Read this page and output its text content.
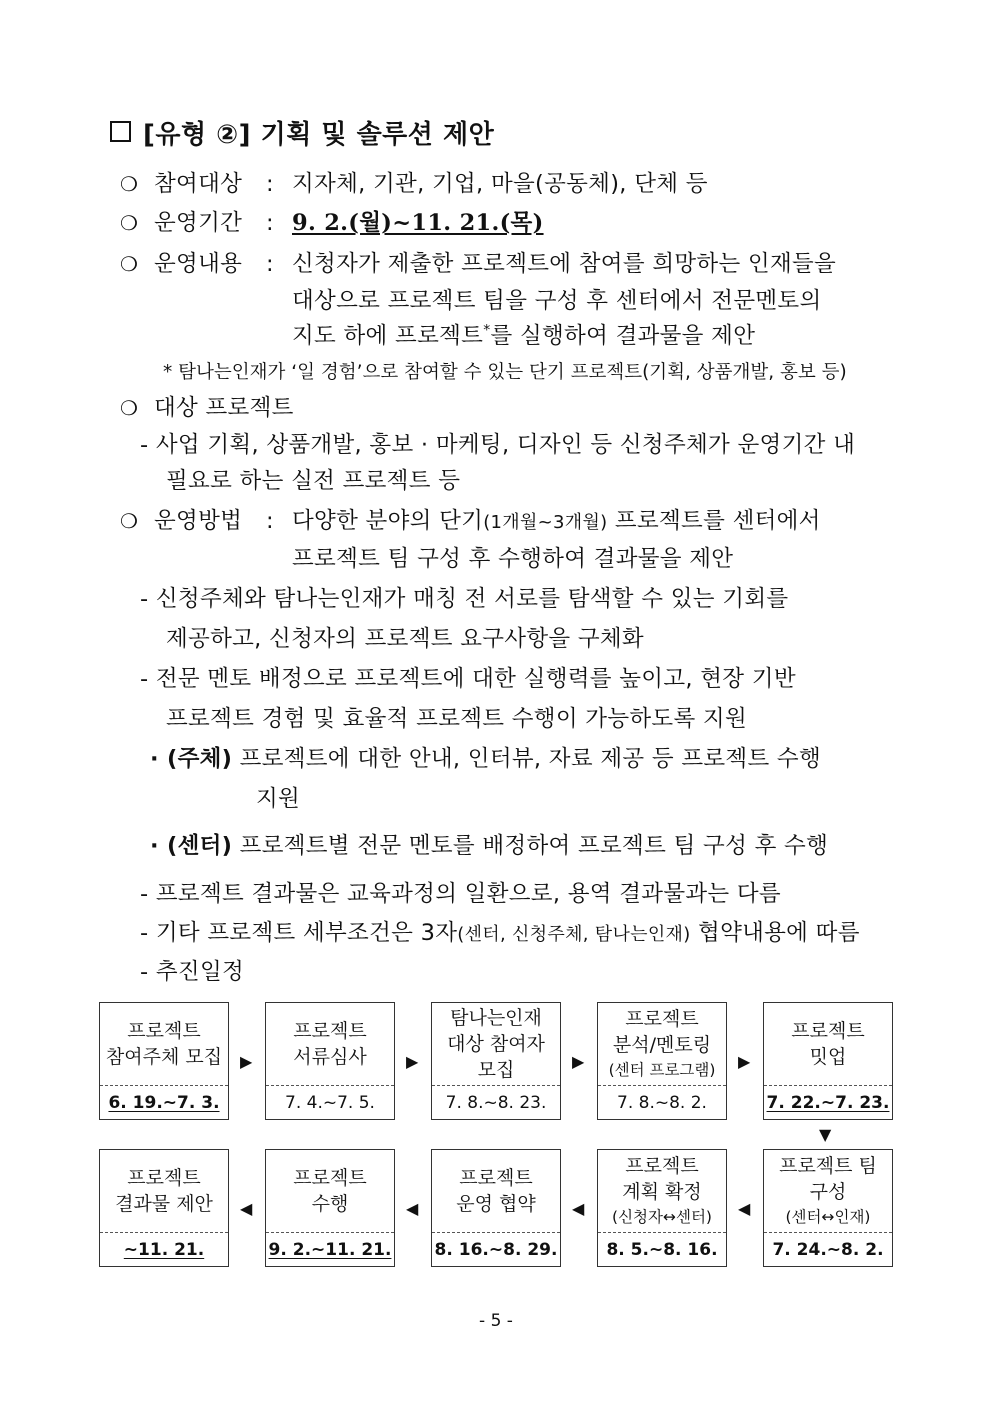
[유형 ②] 기획 및 솔루션 제안
❍ 참여대상 : 지자체, 기관, 기업, 마을(공동체), 단체 등
❍ 운영기간 : 9. 2.(월)~11. 21.(목)
❍ 운영내용 : 신청자가 제출한 프로젝트에 참여를 희망하는 인재들을
대상으로 프로젝트 팀을 구성 후 센터에서 전문멘토의
지도 하에 프로젝트*를 실행하여 결과물을 제안
* 탐나는인재가 ‘일 경험’으로 참여할 수 있는 단기 프로젝트(기획, 상품개발, 홍보 등)
❍ 대상 프로젝트
- 사업 기획, 상품개발, 홍보 · 마케팅, 디자인 등 신청주체가 운영기간 내
필요로 하는 실전 프로젝트 등
❍ 운영방법 : 다양한 분야의 단기(1개월~3개월) 프로젝트를 센터에서
프로젝트 팀 구성 후 수행하여 결과물을 제안
- 신청주체와 탐나는인재가 매칭 전 서로를 탐색할 수 있는 기회를
제공하고, 신청자의 프로젝트 요구사항을 구체화
- 전문 멘토 배정으로 프로젝트에 대한 실행력를 높이고, 현장 기반
프로젝트 경험 및 효율적 프로젝트 수행이 가능하도록 지원
· (주체) 프로젝트에 대한 안내, 인터뷰, 자료 제공 등 프로젝트 수행
지원
· (센터) 프로젝트별 전문 멘토를 배정하여 프로젝트 팀 구성 후 수행
- 프로젝트 결과물은 교육과정의 일환으로, 용역 결과물과는 다름
- 기타 프로젝트 세부조건은 3자(센터, 신청주체, 탐나는인재) 협약내용에 따름
- 추진일정
프로젝트
참여주체 모집
6. 19.~7. 3.
▶
프로젝트
서류심사
7. 4.~7. 5.
▶
탐나는인재
대상 참여자
모집
7. 8.~8. 23.
▶
프로젝트
분석/멘토링
(센터 프로그램)
7. 8.~8. 2.
▶
프로젝트
밋업
7. 22.~7. 23.
▼
프로젝트
결과물 제안
~11. 21.
◀
프로젝트
수행
9. 2.~11. 21.
◀
프로젝트
운영 협약
8. 16.~8. 29.
◀
프로젝트
계획 확정
(신청자↔센터)
8. 5.~8. 16.
◀
프로젝트 팀
구성
(센터↔인재)
7. 24.~8. 2.
- 5 -
